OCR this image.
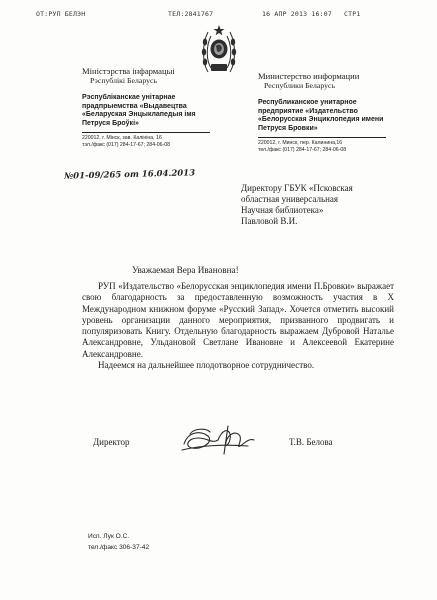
ОТ:РУП БЕЛЭН	ТЕЛ:2841767	16 АПР 2013 16:07 СТР1
Міністэрства інфармацыі
Рэспублікі Беларусь
Рэспубліканскае унітарнае прадпрыемства «Выдавецтва «Беларуская Энцыклапедыя імя Петруся Броўкі»
220012, г. Мінск, зав. Калініна, 16
тэл./факс (017) 284-17-67; 284-06-08
Министерство информации
Республики Беларусь
Республиканское унитарное предприятие «Издательство «Белорусская Энциклопедия имени Петруся Бровки»
220012, г. Минск, пер. Калинина,16
тел./факс (017) 284-17-67; 284-06-08
№01-09/265 от 16.04.2013
Директору ГБУК «Псковская
областная универсальная
Научная библиотека»
Павловой В.И.
Уважаемая Вера Ивановна!

РУП «Издательство «Белорусская энциклопедия имени П.Бровки» выражает свою благодарность за предоставленную возможность участия в X Международном книжном форуме «Русский Запад». Хочется отметить высокий уровень организации данного мероприятия, призванного продвигать и популяризовать Книгу. Отдельную благодарность выражаем Дубровой Наталье Александровне, Ульдановой Светлане Ивановне и Алексеевой Екатерине Александровне.

Надеемся на дальнейшее плодотворное сотрудничество.

Директор	Т.В. Белова
Исп. Лук О.С.
тел./факс 306-37-42
